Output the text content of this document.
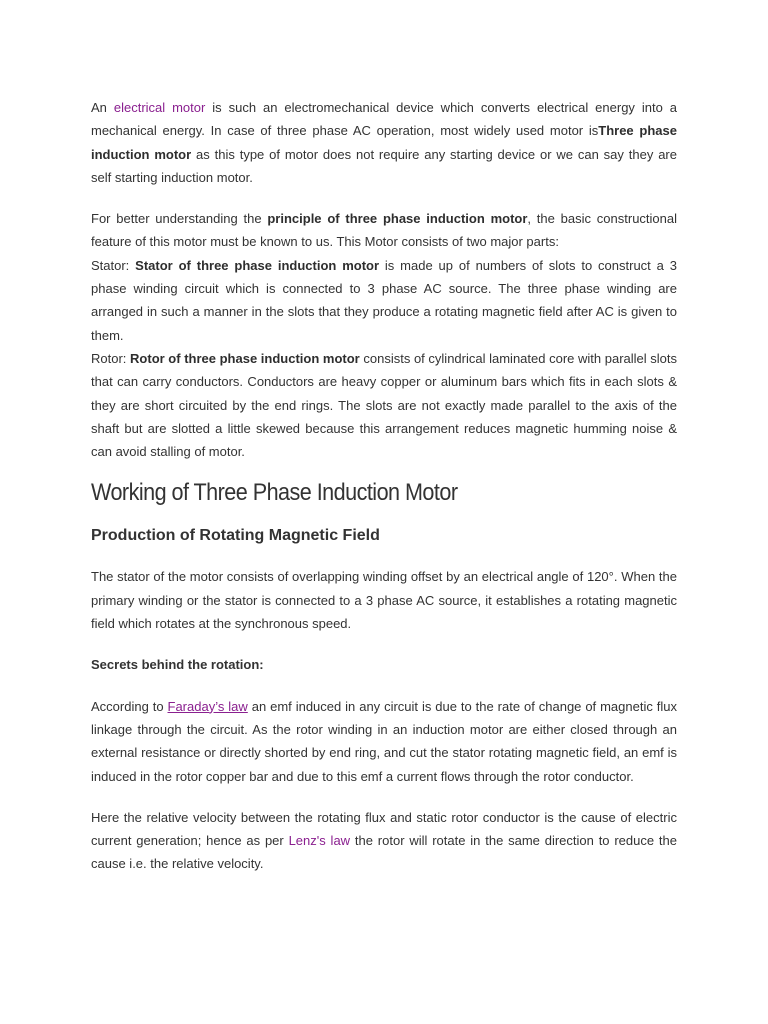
An electrical motor is such an electromechanical device which converts electrical energy into a mechanical energy. In case of three phase AC operation, most widely used motor isThree phase induction motor as this type of motor does not require any starting device or we can say they are self starting induction motor.

For better understanding the principle of three phase induction motor, the basic constructional feature of this motor must be known to us. This Motor consists of two major parts:

Stator: Stator of three phase induction motor is made up of numbers of slots to construct a 3 phase winding circuit which is connected to 3 phase AC source. The three phase winding are arranged in such a manner in the slots that they produce a rotating magnetic field after AC is given to them.

Rotor: Rotor of three phase induction motor consists of cylindrical laminated core with parallel slots that can carry conductors. Conductors are heavy copper or aluminum bars which fits in each slots & they are short circuited by the end rings. The slots are not exactly made parallel to the axis of the shaft but are slotted a little skewed because this arrangement reduces magnetic humming noise & can avoid stalling of motor.

Working of Three Phase Induction Motor
Production of Rotating Magnetic Field

The stator of the motor consists of overlapping winding offset by an electrical angle of 120°. When the primary winding or the stator is connected to a 3 phase AC source, it establishes a rotating magnetic field which rotates at the synchronous speed.

Secrets behind the rotation:

According to Faraday’s law an emf induced in any circuit is due to the rate of change of magnetic flux linkage through the circuit. As the rotor winding in an induction motor are either closed through an external resistance or directly shorted by end ring, and cut the stator rotating magnetic field, an emf is induced in the rotor copper bar and due to this emf a current flows through the rotor conductor.

Here the relative velocity between the rotating flux and static rotor conductor is the cause of electric current generation; hence as per Lenz's law the rotor will rotate in the same direction to reduce the cause i.e. the relative velocity.
